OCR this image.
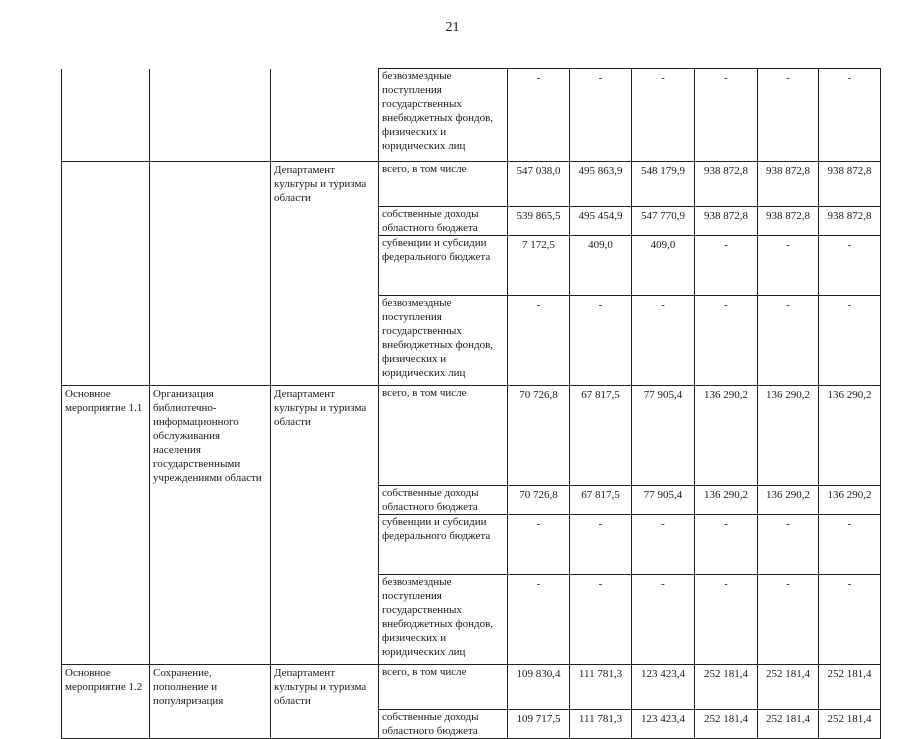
21
			безвозмездные поступления государственных внебюджетных фондов, физических и юридических лиц	-	-	-	-	-	-
		Департамент культуры и туризма области	всего, в том числе	547 038,0	495 863,9	548 179,9	938 872,8	938 872,8	938 872,8
			собственные доходы областного бюджета	539 865,5	495 454,9	547 770,9	938 872,8	938 872,8	938 872,8
			субвенции и субсидии федерального бюджета	7 172,5	409,0	409,0	-	-	-
			безвозмездные поступления государственных внебюджетных фондов, физических и юридических лиц	-	-	-	-	-	-
Основное мероприятие 1.1	Организация библиотечно-информационного обслуживания населения государственными учреждениями области	Департамент культуры и туризма области	всего, в том числе	70 726,8	67 817,5	77 905,4	136 290,2	136 290,2	136 290,2
			собственные доходы областного бюджета	70 726,8	67 817,5	77 905,4	136 290,2	136 290,2	136 290,2
			субвенции и субсидии федерального бюджета	-	-	-	-	-	-
			безвозмездные поступления государственных внебюджетных фондов, физических и юридических лиц	-	-	-	-	-	-
Основное мероприятие 1.2	Сохранение, пополнение и популяризация	Департамент культуры и туризма области	всего, в том числе	109 830,4	111 781,3	123 423,4	252 181,4	252 181,4	252 181,4
			собственные доходы областного бюджета	109 717,5	111 781,3	123 423,4	252 181,4	252 181,4	252 181,4
